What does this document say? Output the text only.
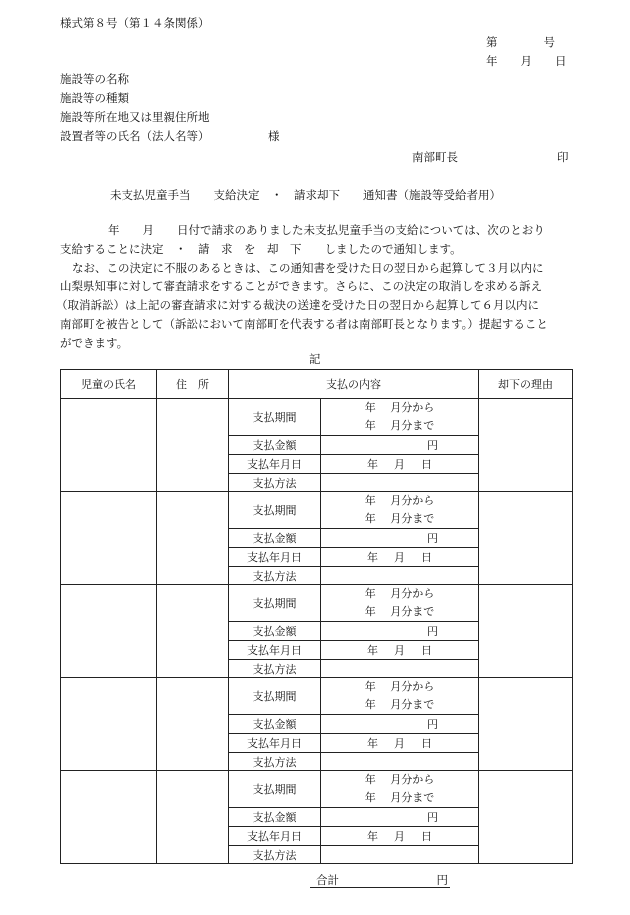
様式第８号（第１４条関係）
第　　　　号
年　　月　　日
施設等の名称
施設等の種類
施設等所在地又は里親住所地
設置者等の氏名（法人名等）	様
南部町長	印
未支払児童手当　　支給決定　・　請求却下　　通知書（施設等受給者用）
年　　月　　日付で請求のありました未支払児童手当の支給については、次のとおり
支給することに決定　・　請　求　を　却　下　　しましたので通知します。
なお、この決定に不服のあるときは、この通知書を受けた日の翌日から起算して３月以内に
山梨県知事に対して審査請求をすることができます。さらに、この決定の取消しを求める訴え
（取消訴訟）は上記の審査請求に対する裁決の送達を受けた日の翌日から起算して６月以内に
南部町を被告として（訴訟において南部町を代表する者は南部町長となります。）提起すること
ができます。
記
児童の氏名	住　所	支払の内容		却下の理由
		支払期間	年　 月分から
年　 月分まで	

		支払金額	円	
		支払年月日	年 月 日	
		支払方法		
		支払期間	年　 月分から
年　 月分まで	

		支払金額	円	
		支払年月日	年 月 日	
		支払方法		
		支払期間	年　 月分から
年　 月分まで	

		支払金額	円	
		支払年月日	年 月 日	
		支払方法		
		支払期間	年　 月分から
年　 月分まで	

		支払金額	円	
		支払年月日	年 月 日	
		支払方法		
		支払期間	年　 月分から
年　 月分まで	

		支払金額	円	
		支払年月日	年 月 日	
		支払方法		
合計	円
